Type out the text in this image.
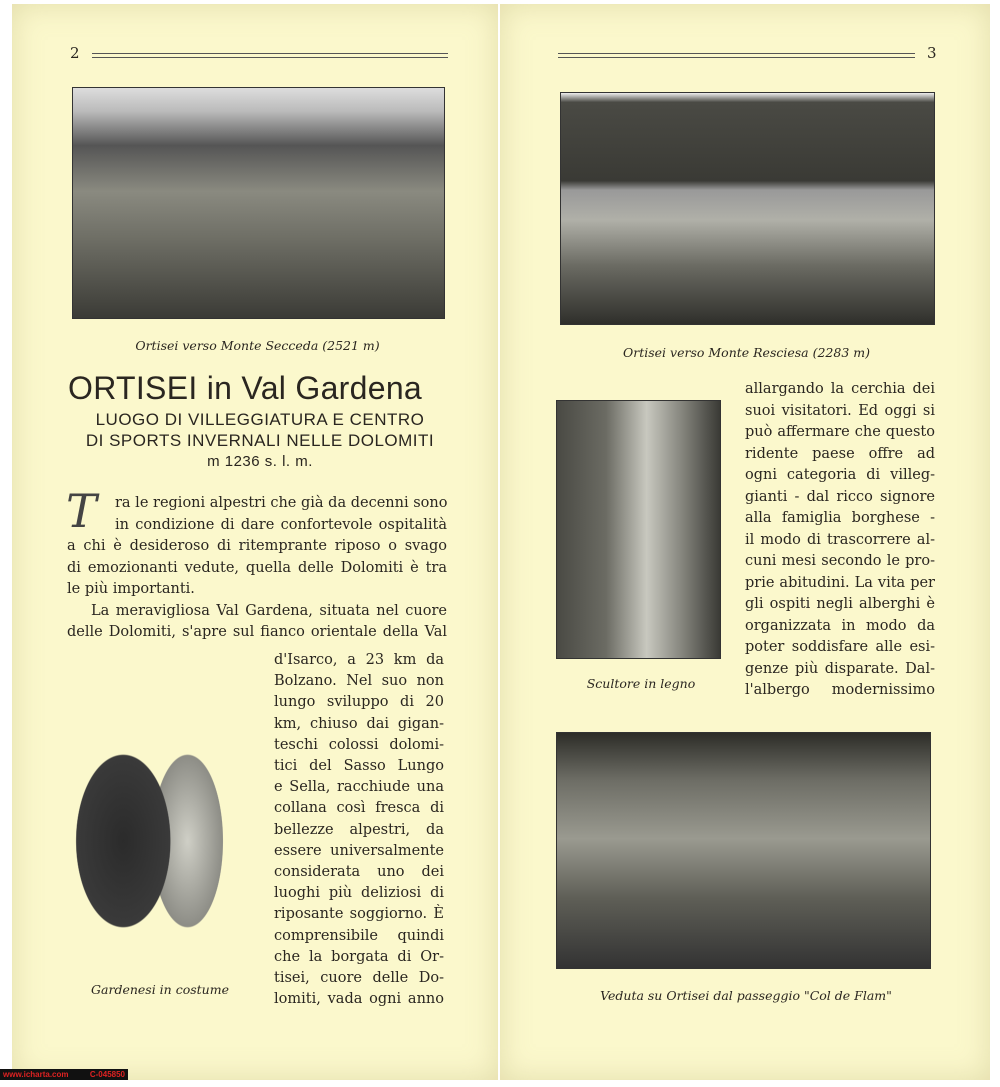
2
Ortisei verso Monte Secceda (2521 m)
ORTISEI in Val Gardena
LUOGO DI VILLEGGIATURA E CENTRO
DI SPORTS INVERNALI NELLE DOLOMITI
m 1236 s. l. m.
T ra le regioni alpestri che già da decenni sono
in condizione di dare confortevole ospitalità
a chi è desideroso di ritemprante riposo o svago
di emozionanti vedute, quella delle Dolomiti è tra
le più importanti.
La meravigliosa Val Gardena, situata nel cuore
delle Dolomiti, s'apre sul fianco orientale della Val
Gardenesi in costume
d'Isarco, a 23 km da
Bolzano. Nel suo non
lungo sviluppo di 20
km, chiuso dai gigan-
teschi colossi dolomi-
tici del Sasso Lungo
e Sella, racchiude una
collana così fresca di
bellezze alpestri, da
essere universalmente
considerata uno dei
luoghi più deliziosi di
riposante soggiorno. È
comprensibile quindi
che la borgata di Or-
tisei, cuore delle Do-
lomiti, vada ogni anno
3
Ortisei verso Monte Resciesa (2283 m)
Scultore in legno
allargando la cerchia dei
suoi visitatori. Ed oggi si
può affermare che questo
ridente paese offre ad
ogni categoria di villeg-
gianti - dal ricco signore
alla famiglia borghese -
il modo di trascorrere al-
cuni mesi secondo le pro-
prie abitudini. La vita per
gli ospiti negli alberghi è
organizzata in modo da
poter soddisfare alle esi-
genze più disparate. Dal-
l'albergo modernissimo
Veduta su Ortisei dal passeggio "Col de Flam"
www.icharta.com	C-045850
